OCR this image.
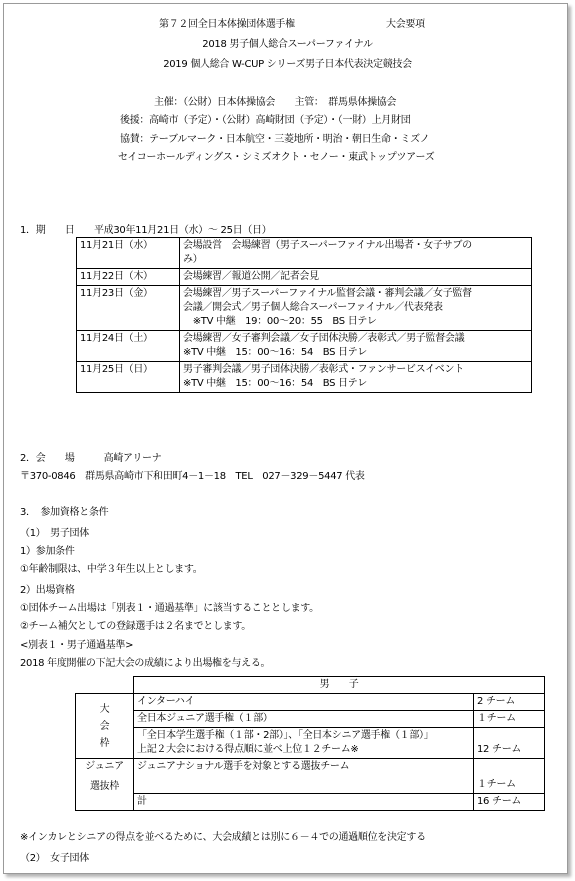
第７２回全日本体操団体選手権	大会要項
2018 男子個人総合スーパーファイナル
2019 個人総合 W-CUP シリーズ男子日本代表決定競技会
主催：（公財）日本体操協会　　主管：　群馬県体操協会
後援：高崎市（予定）・（公財）高崎財団（予定）・（一財）上月財団
協賛：テーブルマーク・日本航空・三菱地所・明治・朝日生命・ミズノ
セイコーホールディングス・シミズオクト・セノー・東武トップツアーズ
1．期　　日　　平成30年11月21日（水）～ 25日（日）
11月21日（水）	会場設営　会場練習（男子スーパーファイナル出場者・女子サブの
み）

11月22日（木）	会場練習／報道公開／記者会見

11月23日（金）	会場練習／男子スーパーファイナル監督会議・審判会議／女子監督
会議／開会式／男子個人総合スーパーファイナル／代表発表
　※TV 中継　19：00～20：55　BS 日テレ

11月24日（土）	会場練習／女子審判会議／女子団体決勝／表彰式／男子監督会議
※TV 中継　15：00～16：54　BS 日テレ

11月25日（日）	男子審判会議／男子団体決勝／表彰式・ファンサービスイベント
※TV 中継　15：00～16：54　BS 日テレ
2．会　　場　　　高崎アリーナ
〒370-0846　群馬県高崎市下和田町4－1－18　TEL　027－329－5447 代表
3．　参加資格と条件
（1）　男子団体
1）参加条件
①年齢制限は、中学３年生以上とします。
2）出場資格
①団体チーム出場は「別表１・通過基準」に該当することとします。
②チーム補欠としての登録選手は２名までとします。
<別表１・男子通過基準>
2018 年度開催の下記大会の成績により出場権を与える。
	男　　子	

大
会
枠	インターハイ	2 チーム
	全日本ジュニア選手権（１部）	１チーム

	「全日本学生選手権（１部・2部）」、「全日本シニア選手権（１部）」
上記２大会における得点順に並べ上位１２チーム※	12 チーム

ジュニア
選抜枠	ジュニアナショナル選手を対象とする選抜チーム	１チーム
	計	16 チーム
※インカレとシニアの得点を並べるために、大会成績とは別に６－４での通過順位を決定する
（2）　女子団体
